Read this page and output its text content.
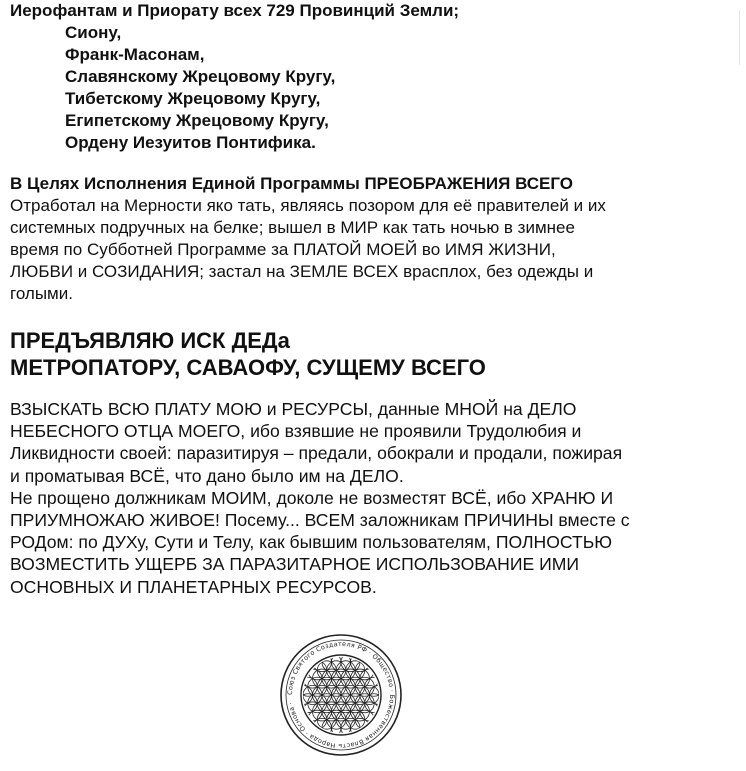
Иерофантам и Приорату всех 729 Провинций Земли;
Сиону,
Франк-Масонам,
Славянскому Жрецовому Кругу,
Тибетскому Жрецовому Кругу,
Египетскому Жрецовому Кругу,
Ордену Иезуитов Понтифика.
В Целях Исполнения Единой Программы ПРЕОБРАЖЕНИЯ ВСЕГО

Отработал на Мерности яко тать, являясь позором для её правителей и их
системных подручных на белке; вышел в МИР как тать ночью в зимнее
время по Субботней Программе за ПЛАТОЙ МОЕЙ во ИМЯ ЖИЗНИ,
ЛЮБВИ и СОЗИДАНИЯ; застал на ЗЕМЛЕ ВСЕХ врасплох, без одежды и
голыми.

ПРЕДЪЯВЛЯЮ ИСК ДЕДа
МЕТРОПАТОРУ, САВАОФУ, СУЩЕМУ ВСЕГО

ВЗЫСКАТЬ ВСЮ ПЛАТУ МОЮ и РЕСУРСЫ, данные МНОЙ на ДЕЛО
НЕБЕСНОГО ОТЦА МОЕГО, ибо взявшие не проявили Трудолюбия и
Ликвидности своей: паразитируя – предали, обокрали и продали, пожирая
и проматывая ВСЁ, что дано было им на ДЕЛО.
Не прощено должникам МОИМ, доколе не возместят ВСЁ, ибо ХРАНЮ И
ПРИУМНОЖАЮ ЖИВОЕ! Посему... ВСЕМ заложникам ПРИЧИНЫ вместе с
РОДом: по ДУХу, Сути и Телу, как бывшим пользователям, ПОЛНОСТЬЮ
ВОЗМЕСТИТЬ УЩЕРБ ЗА ПАРАЗИТАРНОЕ ИСПОЛЬЗОВАНИЕ ИМИ
ОСНОВНЫХ И ПЛАНЕТАРНЫХ РЕСУРСОВ.

Союз Святого Создателя РФ · Общество · Божественная Власть Народа · Основа ·
